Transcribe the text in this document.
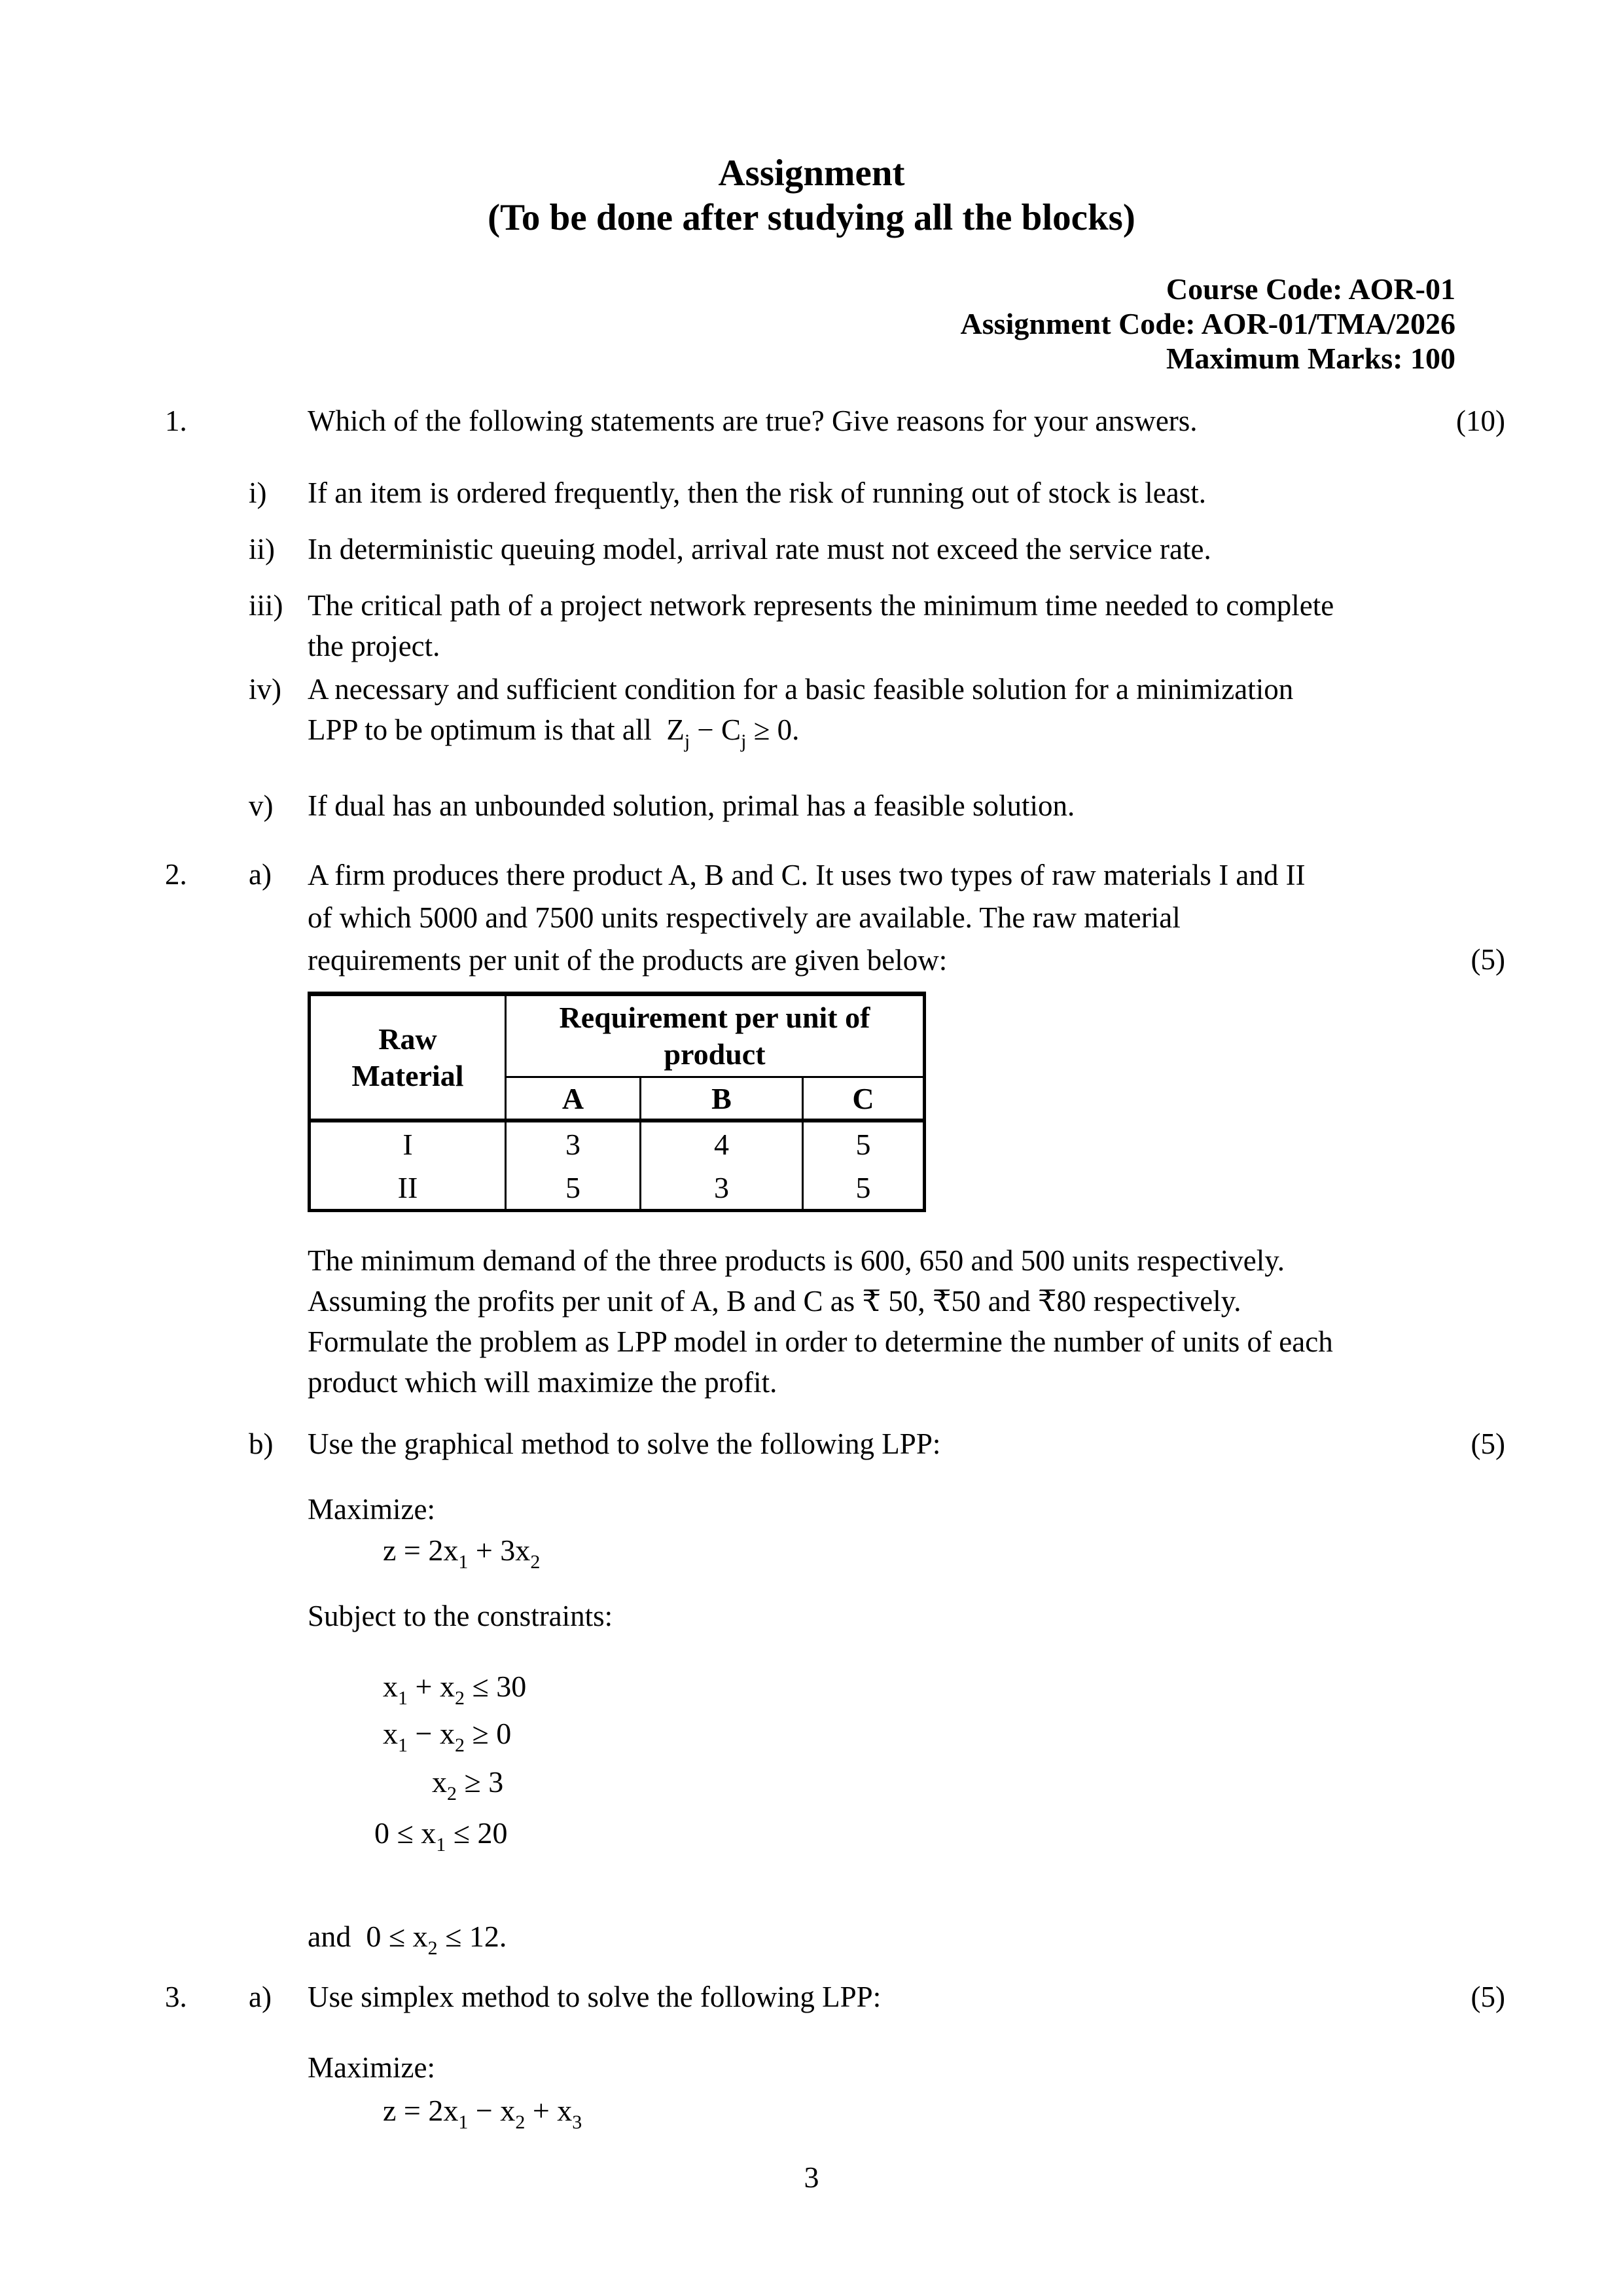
Assignment
(To be done after studying all the blocks)
Course Code: AOR-01
Assignment Code: AOR-01/TMA/2026
Maximum Marks: 100
1.	Which of the following statements are true? Give reasons for your answers.	(10)
i) If an item is ordered frequently, then the risk of running out of stock is least.
ii) In deterministic queuing model, arrival rate must not exceed the service rate.
iii) The critical path of a project network represents the minimum time needed to complete
the project.
iv) A necessary and sufficient condition for a basic feasible solution for a minimization
LPP to be optimum is that all  $Z_j - C_j \ge 0$.
v) If dual has an unbounded solution, primal has a feasible solution.
2. a) A firm produces there product A, B and C. It uses two types of raw materials I and II
of which 5000 and 7500 units respectively are available. The raw material
requirements per unit of the products are given below:	(5)
Raw Material	Requirement per unit of product		
	A	B	C
I	3	4	5
II	5	3	5
The minimum demand of the three products is 600, 650 and 500 units respectively.
Assuming the profits per unit of A, B and C as ₹ 50, ₹50 and ₹80 respectively.
Formulate the problem as LPP model in order to determine the number of units of each
product which will maximize the profit.
b) Use the graphical method to solve the following LPP:	(5)
Maximize:
$z = 2x_1 + 3x_2$
Subject to the constraints:
$x_1 + x_2 \le 30$
$x_1 - x_2 \ge 0$
$x_2 \ge 3$
$0 \le x_1 \le 20$
and  $0 \le x_2 \le 12$.
3. a) Use simplex method to solve the following LPP:	(5)
Maximize:
$z = 2x_1 - x_2 + x_3$
3
